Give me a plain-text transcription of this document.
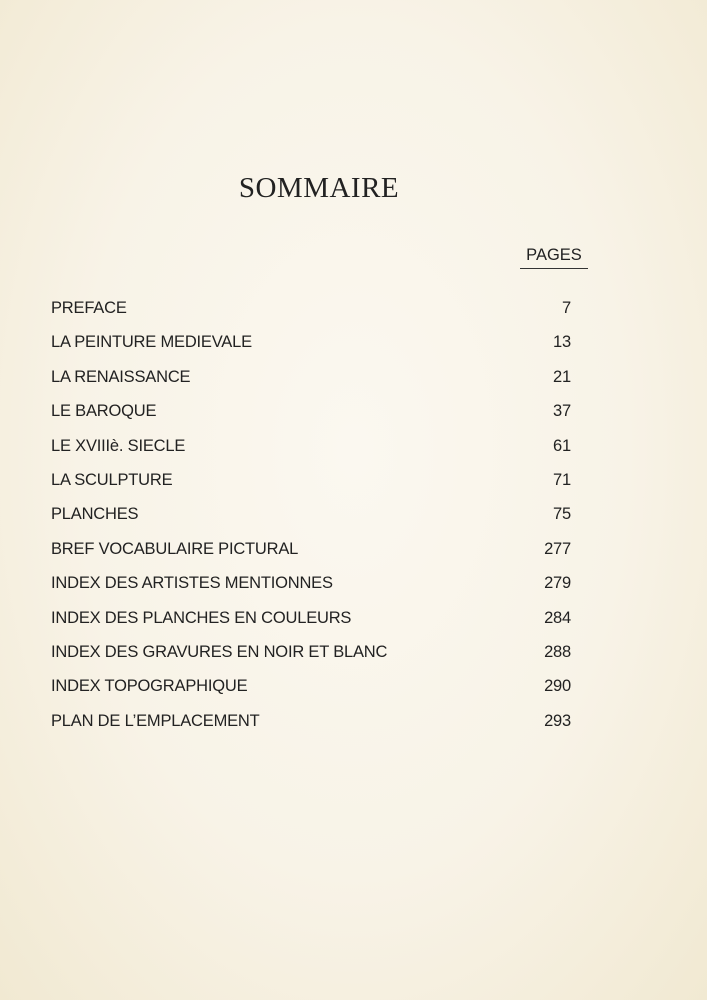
SOMMAIRE
PAGES
PREFACE	7
LA PEINTURE MEDIEVALE	13
LA RENAISSANCE	21
LE BAROQUE	37
LE XVIIIè. SIECLE	61
LA SCULPTURE	71
PLANCHES	75
BREF VOCABULAIRE PICTURAL	277
INDEX DES ARTISTES MENTIONNES	279
INDEX DES PLANCHES EN COULEURS	284
INDEX DES GRAVURES EN NOIR ET BLANC	288
INDEX TOPOGRAPHIQUE	290
PLAN DE L’EMPLACEMENT	293
